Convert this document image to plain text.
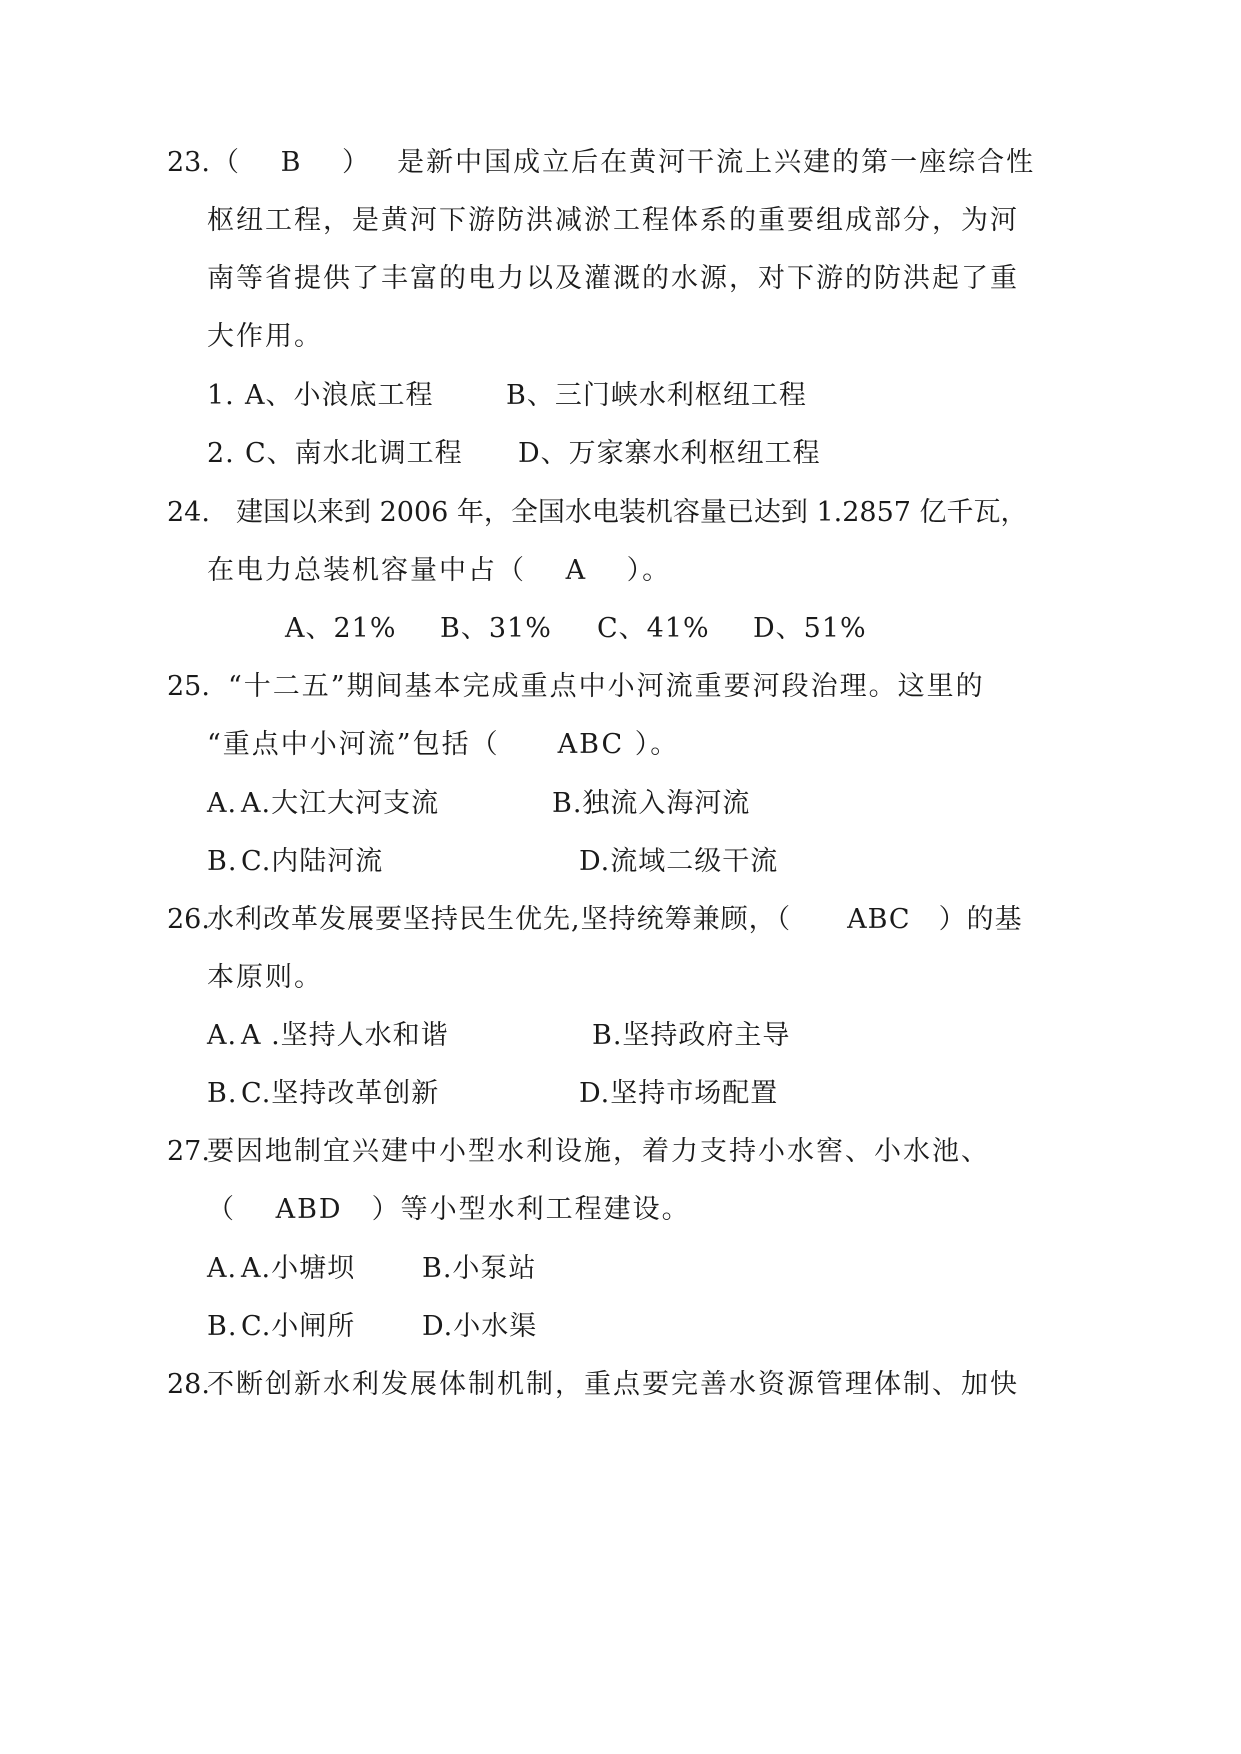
23. （　 B　 ）　 是新中国成立后在黄河干流上兴建的第一座综合性
枢纽工程，是黄河下游防洪减淤工程体系的重要组成部分，为河
南等省提供了丰富的电力以及灌溉的水源，对下游的防洪起了重
大作用。
1. A、小浪底工程	B、三门峡水利枢纽工程
2. C、南水北调工程 D、万家寨水利枢纽工程
24. 建国以来到 2006 年，全国水电装机容量已达到 1.2857 亿千瓦，
在电力总装机容量中占（　 A　 ）。
A、21% B、31% C、41% D、51%
25. “十二五”期间基本完成重点中小河流重要河段治理。这里的
“重点中小河流”包括（　　ABC ）。
A. A.大江大河支流	B.独流入海河流
B. C.内陆河流	D.流域二级干流
26.
水利改革发展要坚持民生优先,坚持统筹兼顾，（　　ABC　）的基
本原则。
A. A .坚持人水和谐	B.坚持政府主导
B. C.坚持改革创新	D.坚持市场配置
27.
要因地制宜兴建中小型水利设施，着力支持小水窖、小水池、
（　 ABD　）等小型水利工程建设。
A. A.小塘坝 B.小泵站
B. C.小闸所 D.小水渠
28.
不断创新水利发展体制机制，重点要完善水资源管理体制、加快
